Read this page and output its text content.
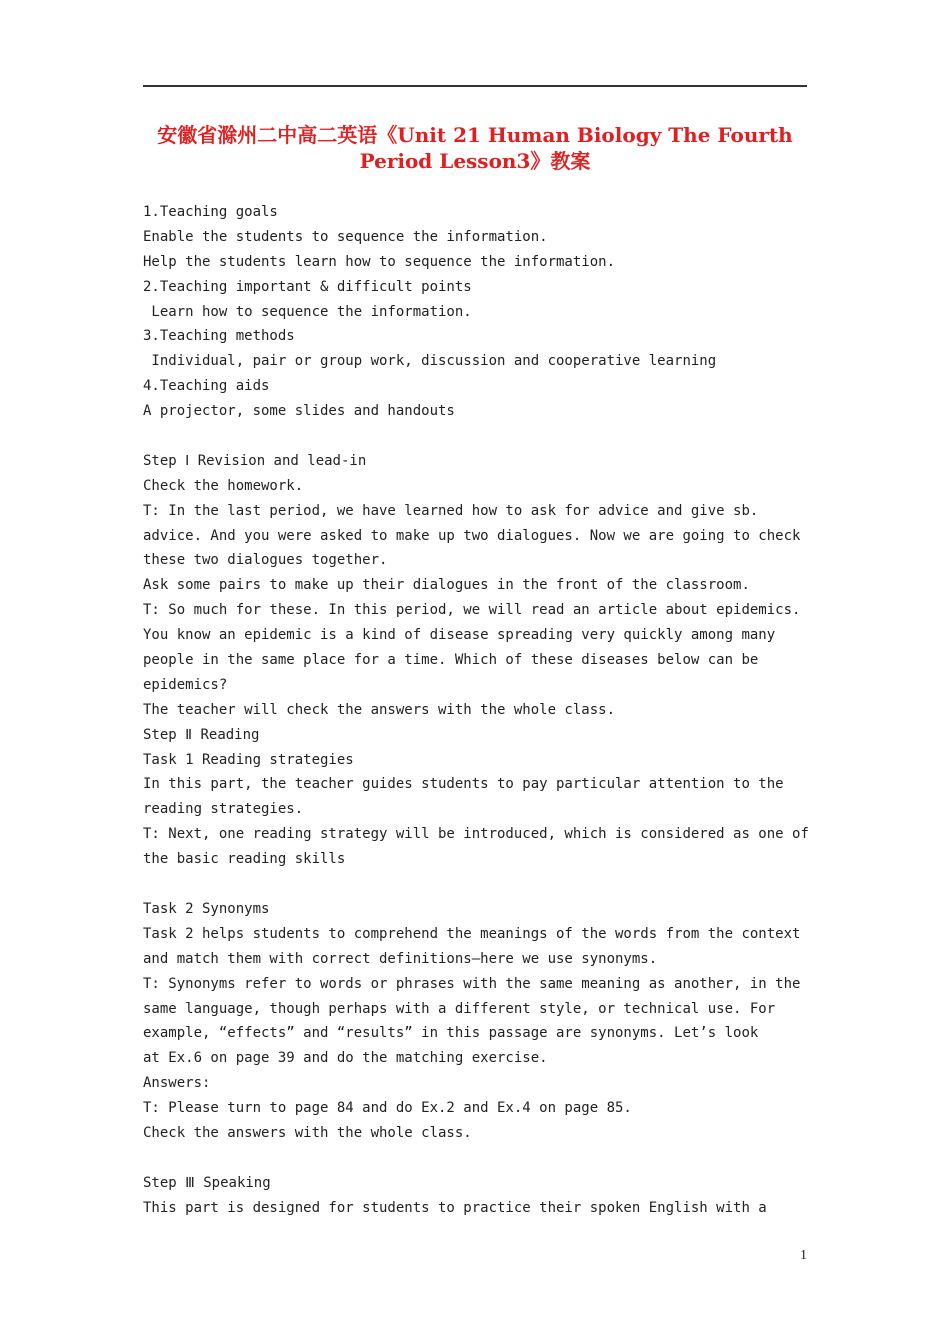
安徽省滁州二中高二英语《Unit 21 Human Biology The Fourth
Period Lesson3》教案
1.Teaching goals
Enable the students to sequence the information.
Help the students learn how to sequence the information.
2.Teaching important & difficult points
Learn how to sequence the information.
3.Teaching methods
Individual, pair or group work, discussion and cooperative learning
4.Teaching aids
A projector, some slides and handouts
Step Ⅰ Revision and lead-in
Check the homework.
T: In the last period, we have learned how to ask for advice and give sb.
advice. And you were asked to make up two dialogues. Now we are going to check
these two dialogues together.
Ask some pairs to make up their dialogues in the front of the classroom.
T: So much for these. In this period, we will read an article about epidemics.
You know an epidemic is a kind of disease spreading very quickly among many
people in the same place for a time. Which of these diseases below can be
epidemics?
The teacher will check the answers with the whole class.
Step Ⅱ Reading
Task 1 Reading strategies
In this part, the teacher guides students to pay particular attention to the
reading strategies.
T: Next, one reading strategy will be introduced, which is considered as one of
the basic reading skills
Task 2 Synonyms
Task 2 helps students to comprehend the meanings of the words from the context
and match them with correct definitions—here we use synonyms.
T: Synonyms refer to words or phrases with the same meaning as another, in the
same language, though perhaps with a different style, or technical use. For
example, “effects” and “results” in this passage are synonyms. Let’s look
at Ex.6 on page 39 and do the matching exercise.
Answers:
T: Please turn to page 84 and do Ex.2 and Ex.4 on page 85.
Check the answers with the whole class.
Step Ⅲ Speaking
This part is designed for students to practice their spoken English with a
1
